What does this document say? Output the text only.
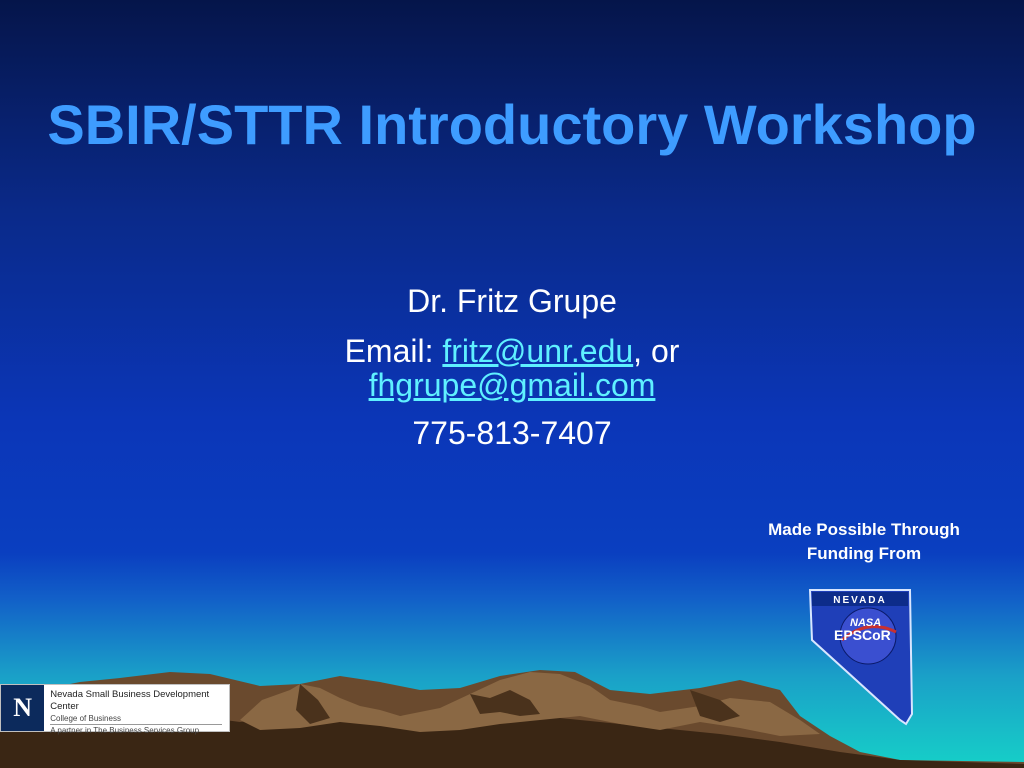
SBIR/STTR Introductory Workshop

Dr. Fritz Grupe

Email: fritz@unr.edu, or
fhgrupe@gmail.com

775-813-7407

Made Possible Through
Funding From
NEVADA
NASA
EPSCoR
N	Nevada Small Business Development Center
College of Business
A partner in The Business Services Group
